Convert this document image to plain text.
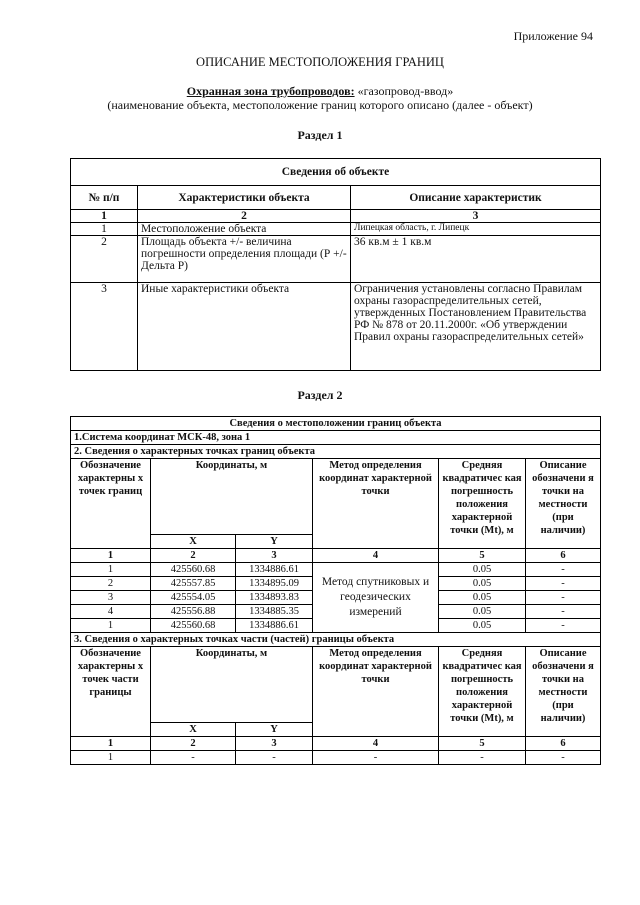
Приложение 94
ОПИСАНИЕ МЕСТОПОЛОЖЕНИЯ ГРАНИЦ
Охранная зона трубопроводов: «газопровод-ввод»
(наименование объекта, местоположение границ которого описано (далее - объект)
Раздел 1
Сведения об объекте		
№ п/п	Характеристики объекта	Описание характеристик
1	2	3
1	Местоположение объекта	Липецкая область, г. Липецк
2	Площадь объекта +/- величина погрешности определения площади (Р +/- Дельта Р)	36 кв.м ± 1 кв.м
3	Иные характеристики объекта	Ограничения установлены согласно Правилам охраны газораспределительных сетей, утвержденных Постановлением Правительства РФ № 878 от 20.11.2000г. «Об утверждении Правил охраны газораспределительных сетей»
Раздел 2
Сведения о местоположении границ объекта					
1.Система координат МСК-48, зона 1					
2. Сведения о характерных точках границ объекта					
Обозначение характерны х точек границ	Координаты, м		Метод определения координат характерной точки	Средняя квадратичес кая погрешность положения характерной точки (Mt), м	Описание обозначени я точки на местности (при наличии)
	X	Y			
1	2	3	4	5	6
1	425560.68	1334886.61	Метод спутниковых и геодезических измерений	0.05	-
2	425557.85	1334895.09		0.05	-
3	425554.05	1334893.83		0.05	-
4	425556.88	1334885.35		0.05	-
1	425560.68	1334886.61		0.05	-
3. Сведения о характерных точках части (частей) границы объекта					
Обозначение характерны х точек части границы	Координаты, м		Метод определения координат характерной точки	Средняя квадратичес кая погрешность положения характерной точки (Mt), м	Описание обозначени я точки на местности (при наличии)
	X	Y			
1	2	3	4	5	6
1	-	-	-	-	-
